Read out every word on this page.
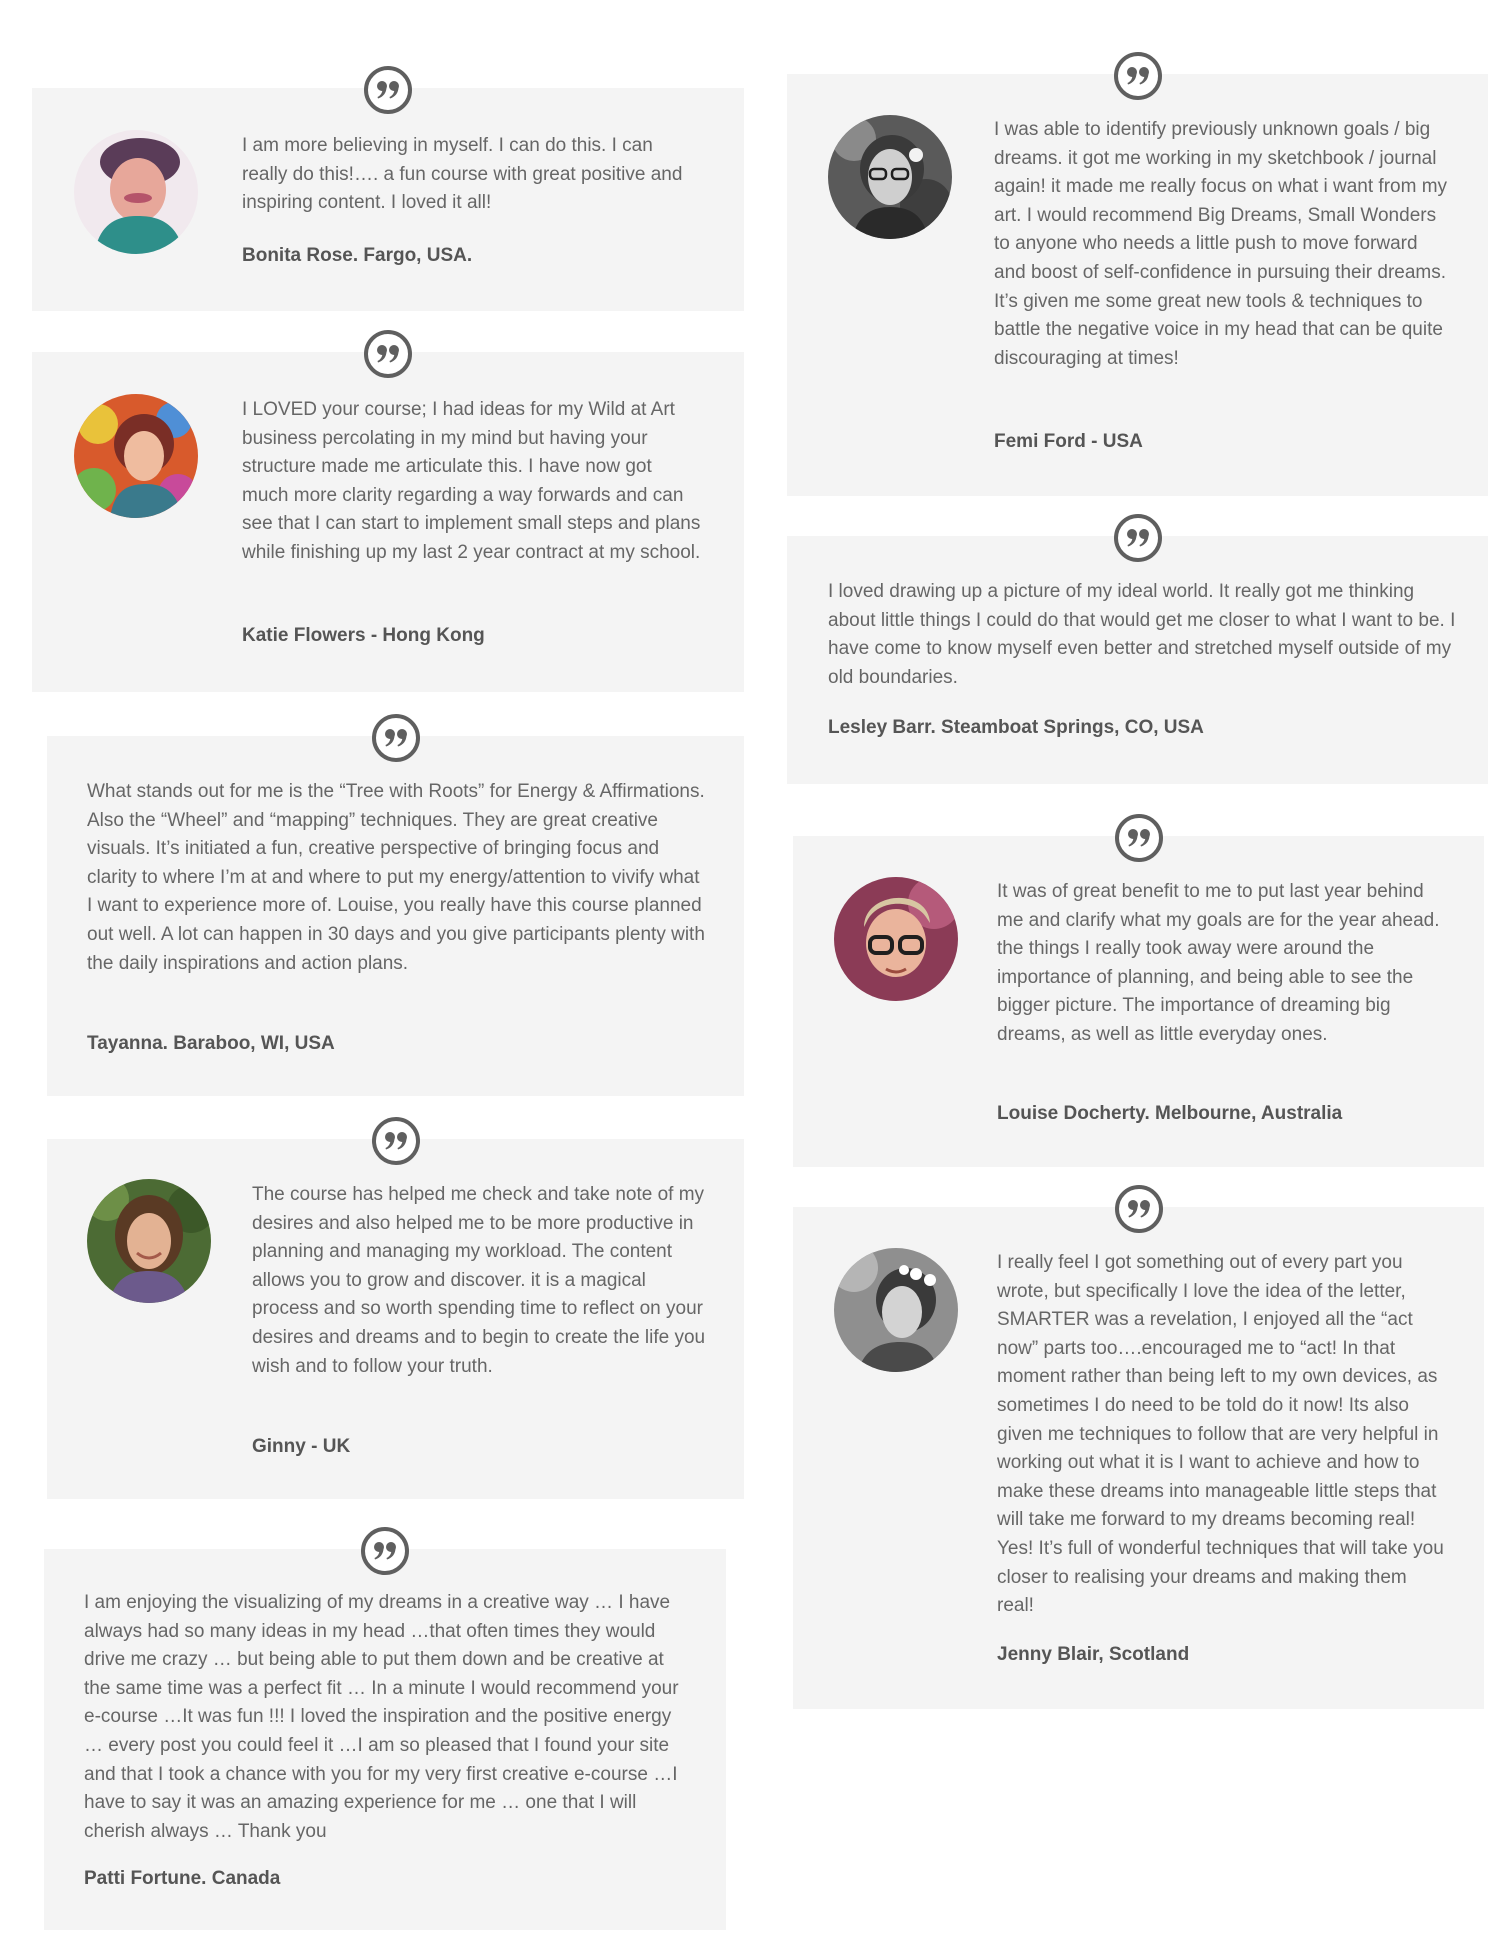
I am more believing in myself. I can do this. I can really do this!…. a fun course with great positive and inspiring content. I loved it all!

Bonita Rose. Fargo, USA.

I LOVED your course; I had ideas for my Wild at Art business percolating in my mind but having your structure made me articulate this. I have now got much more clarity regarding a way forwards and can see that I can start to implement small steps and plans while finishing up my last 2 year contract at my school.

Katie Flowers - Hong Kong

What stands out for me is the “Tree with Roots” for Energy & Affirmations. Also the “Wheel” and “mapping” techniques. They are great creative visuals. It’s initiated a fun, creative perspective of bringing focus and clarity to where I’m at and where to put my energy/attention to vivify what I want to experience more of. Louise, you really have this course planned out well. A lot can happen in 30 days and you give participants plenty with the daily inspirations and action plans.

Tayanna. Baraboo, WI, USA

The course has helped me check and take note of my desires and also helped me to be more productive in planning and managing my workload. The content allows you to grow and discover. it is a magical process and so worth spending time to reflect on your desires and dreams and to begin to create the life you wish and to follow your truth.

Ginny - UK

I am enjoying the visualizing of my dreams in a creative way … I have always had so many ideas in my head …that often times they would drive me crazy … but being able to put them down and be creative at the same time was a perfect fit … In a minute I would recommend your e-course …It was fun !!! I loved the inspiration and the positive energy … every post you could feel it …I am so pleased that I found your site and that I took a chance with you for my very first creative e-course …I have to say it was an amazing experience for me … one that I will cherish always … Thank you

Patti Fortune. Canada

I was able to identify previously unknown goals / big dreams. it got me working in my sketchbook / journal again! it made me really focus on what i want from my art. I would recommend Big Dreams, Small Wonders to anyone who needs a little push to move forward and boost of self-confidence in pursuing their dreams. It’s given me some great new tools & techniques to battle the negative voice in my head that can be quite discouraging at times!

Femi Ford - USA

I loved drawing up a picture of my ideal world. It really got me thinking about little things I could do that would get me closer to what I want to be. I have come to know myself even better and stretched myself outside of my old boundaries.

Lesley Barr. Steamboat Springs, CO, USA

It was of great benefit to me to put last year behind me and clarify what my goals are for the year ahead. the things I really took away were around the importance of planning, and being able to see the bigger picture. The importance of dreaming big dreams, as well as little everyday ones.

Louise Docherty. Melbourne, Australia

I really feel I got something out of every part you wrote, but specifically I love the idea of the letter, SMARTER was a revelation, I enjoyed all the “act now” parts too….encouraged me to “act! In that moment rather than being left to my own devices, as sometimes I do need to be told do it now! Its also given me techniques to follow that are very helpful in working out what it is I want to achieve and how to make these dreams into manageable little steps that will take me forward to my dreams becoming real! Yes! It’s full of wonderful techniques that will take you closer to realising your dreams and making them real!

Jenny Blair, Scotland
